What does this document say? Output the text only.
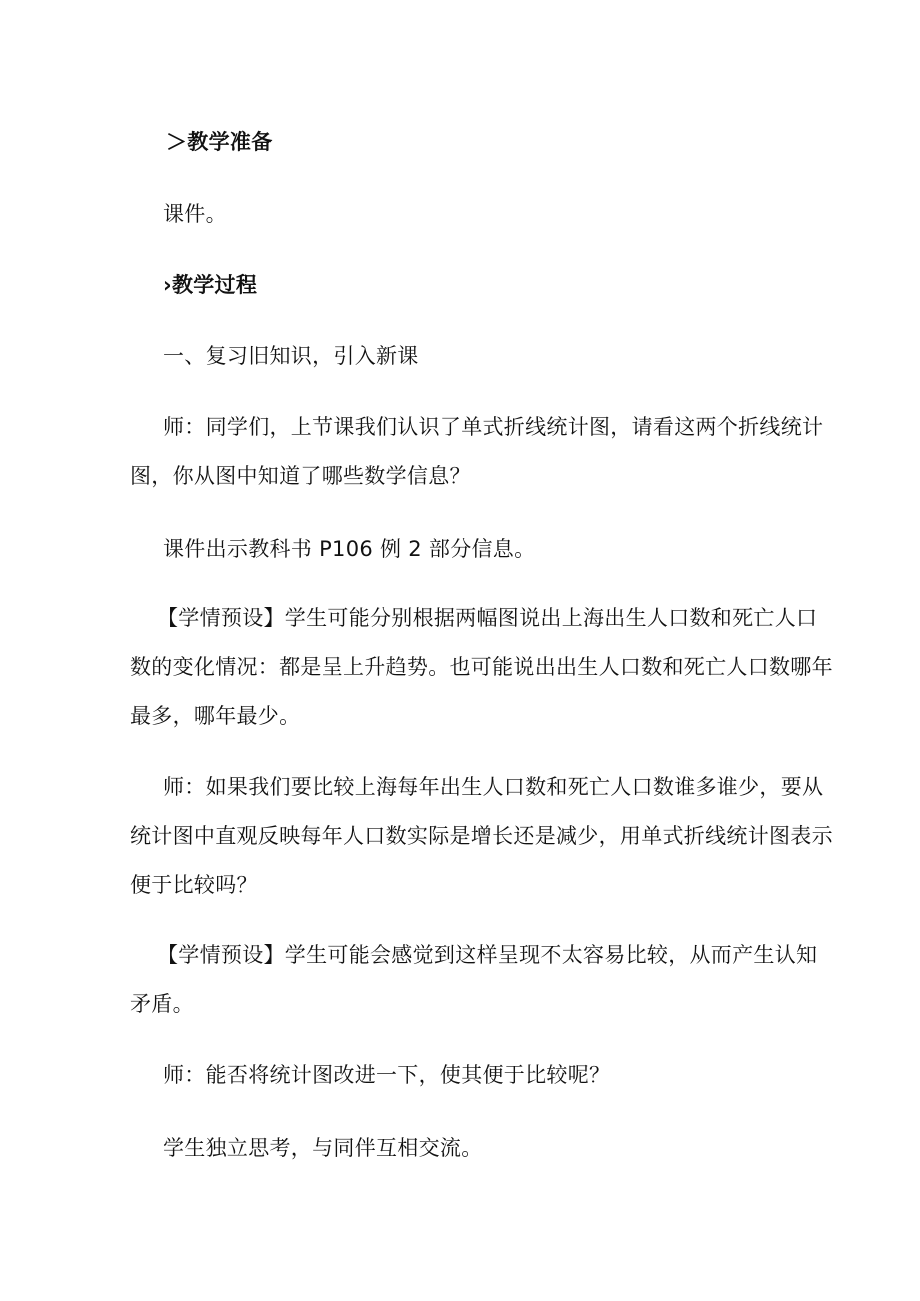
＞教学准备
课件。
›教学过程
一、复习旧知识，引入新课
师：同学们，上节课我们认识了单式折线统计图，请看这两个折线统计
图，你从图中知道了哪些数学信息？
课件出示教科书 P106 例 2 部分信息。
【学情预设】学生可能分别根据两幅图说出上海出生人口数和死亡人口
数的变化情况：都是呈上升趋势。也可能说出出生人口数和死亡人口数哪年
最多，哪年最少。
师：如果我们要比较上海每年出生人口数和死亡人口数谁多谁少，要从
统计图中直观反映每年人口数实际是增长还是减少，用单式折线统计图表示
便于比较吗？
【学情预设】学生可能会感觉到这样呈现不太容易比较，从而产生认知
矛盾。
师：能否将统计图改进一下，使其便于比较呢？
学生独立思考，与同伴互相交流。
